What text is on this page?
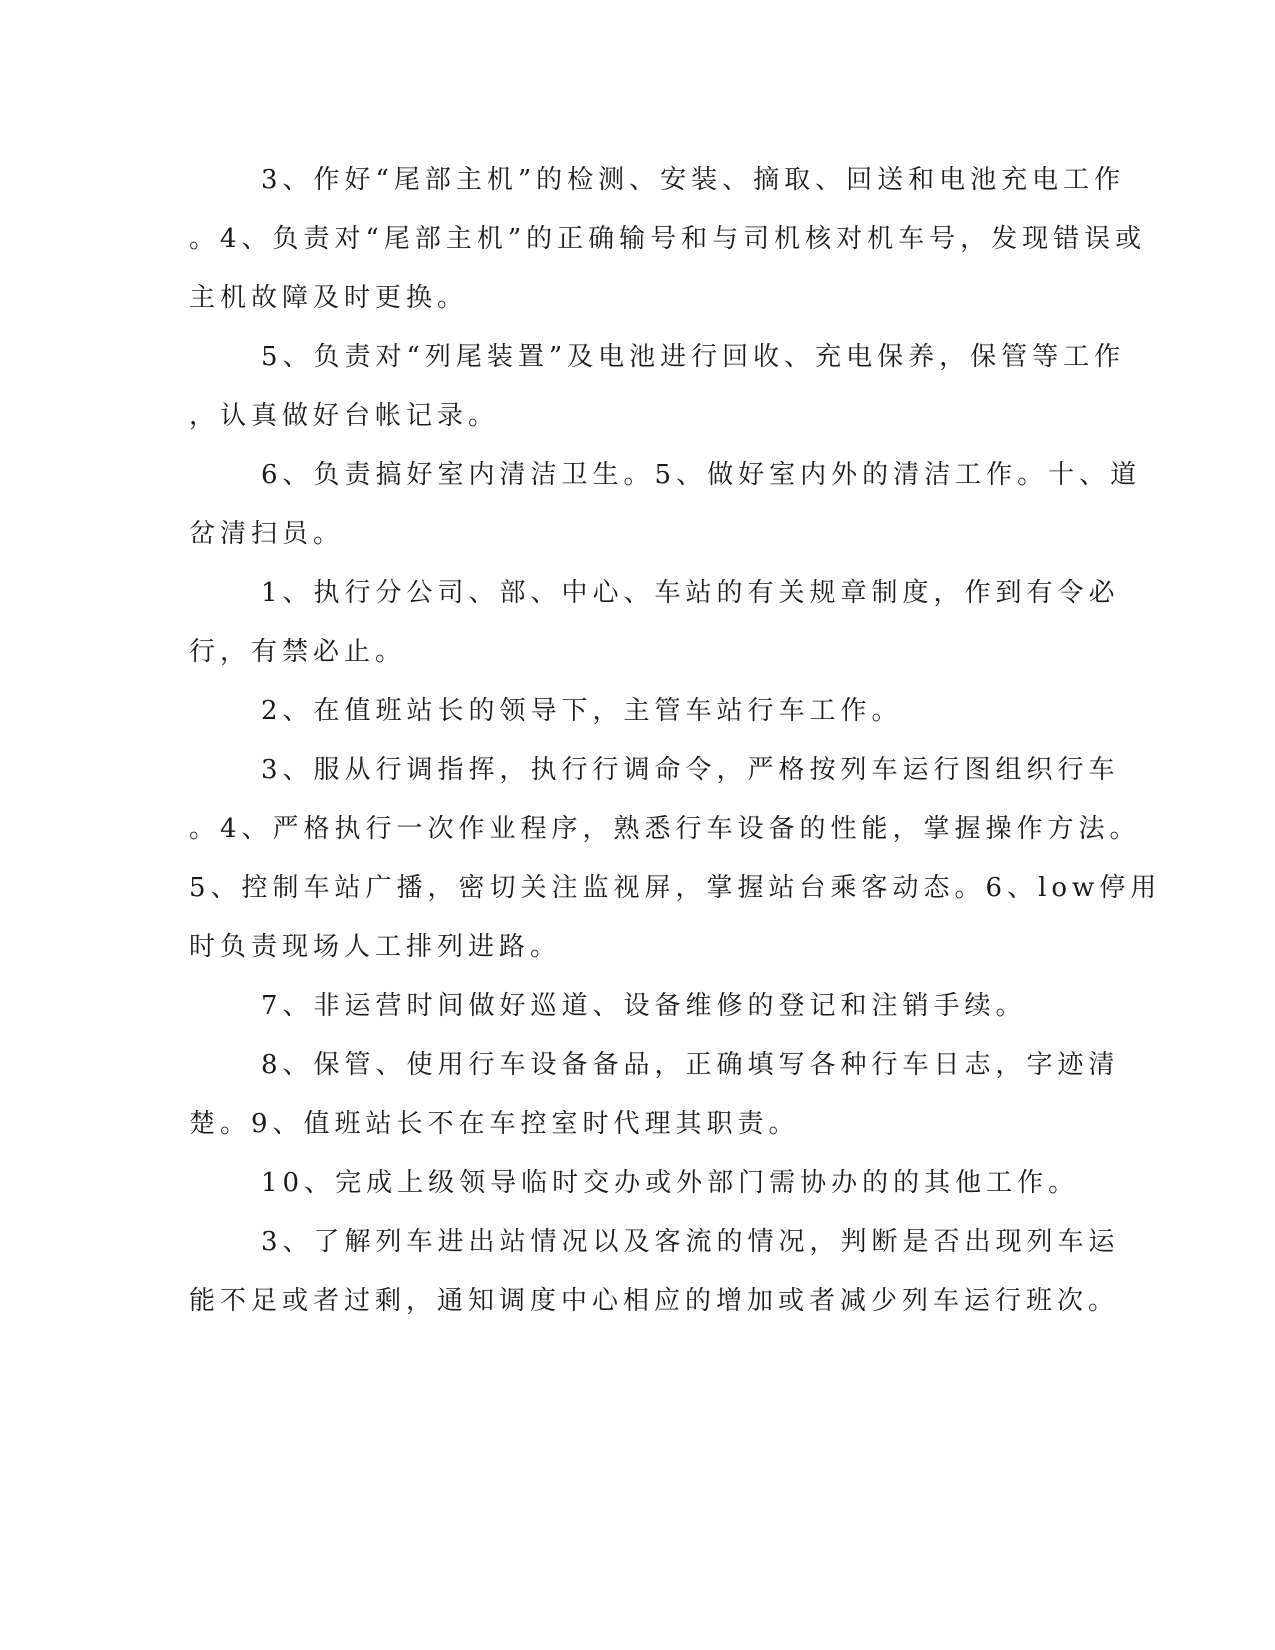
3、作好“尾部主机”的检测、安装、摘取、回送和电池充电工作
。4、负责对“尾部主机”的正确输号和与司机核对机车号，发现错误或
主机故障及时更换。
5、负责对“列尾装置”及电池进行回收、充电保养，保管等工作
，认真做好台帐记录。
6、负责搞好室内清洁卫生。5、做好室内外的清洁工作。十、道
岔清扫员。
1、执行分公司、部、中心、车站的有关规章制度，作到有令必
行，有禁必止。
2、在值班站长的领导下，主管车站行车工作。
3、服从行调指挥，执行行调命令，严格按列车运行图组织行车
。4、严格执行一次作业程序，熟悉行车设备的性能，掌握操作方法。
5、控制车站广播，密切关注监视屏，掌握站台乘客动态。6、low停用
时负责现场人工排列进路。
7、非运营时间做好巡道、设备维修的登记和注销手续。
8、保管、使用行车设备备品，正确填写各种行车日志，字迹清
楚。9、值班站长不在车控室时代理其职责。
10、完成上级领导临时交办或外部门需协办的的其他工作。
3、了解列车进出站情况以及客流的情况，判断是否出现列车运
能不足或者过剩，通知调度中心相应的增加或者减少列车运行班次。
